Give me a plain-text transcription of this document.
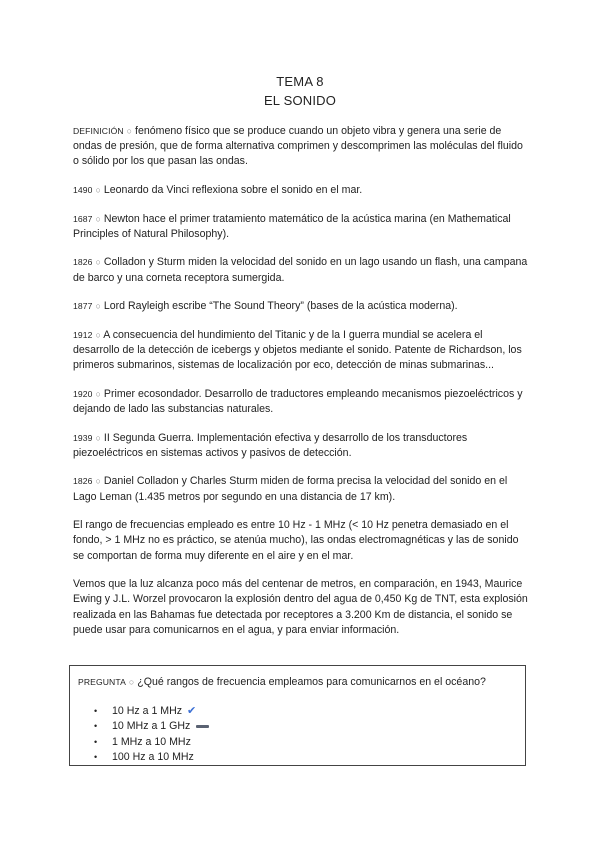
TEMA 8
EL SONIDO

DEFINICIÓN ○ fenómeno físico que se produce cuando un objeto vibra y genera una serie de ondas de presión, que de forma alternativa comprimen y descomprimen las moléculas del fluido o sólido por los que pasan las ondas.

1490 ○ Leonardo da Vinci reflexiona sobre el sonido en el mar.

1687 ○ Newton hace el primer tratamiento matemático de la acústica marina (en Mathematical Principles of Natural Philosophy).

1826 ○ Colladon y Sturm miden la velocidad del sonido en un lago usando un flash, una campana de barco y una corneta receptora sumergida.

1877 ○ Lord Rayleigh escribe “The Sound Theory” (bases de la acústica moderna).

1912 ○ A consecuencia del hundimiento del Titanic y de la I guerra mundial se acelera el desarrollo de la detección de icebergs y objetos mediante el sonido. Patente de Richardson, los primeros submarinos, sistemas de localización por eco, detección de minas submarinas...

1920 ○ Primer ecosondador. Desarrollo de traductores empleando mecanismos piezoeléctricos y dejando de lado las substancias naturales.

1939 ○ II Segunda Guerra. Implementación efectiva y desarrollo de los transductores piezoeléctricos en sistemas activos y pasivos de detección.

1826 ○ Daniel Colladon y Charles Sturm miden de forma precisa la velocidad del sonido en el Lago Leman (1.435 metros por segundo en una distancia de 17 km).

El rango de frecuencias empleado es entre 10 Hz - 1 MHz (< 10 Hz penetra demasiado en el fondo, > 1 MHz no es práctico, se atenúa mucho), las ondas electromagnéticas y las de sonido se comportan de forma muy diferente en el aire y en el mar.

Vemos que la luz alcanza poco más del centenar de metros, en comparación, en 1943, Maurice Ewing y J.L. Worzel provocaron la explosión dentro del agua de 0,450 Kg de TNT, esta explosión realizada en las Bahamas fue detectada por receptores a 3.200 Km de distancia, el sonido se puede usar para comunicarnos en el agua, y para enviar información.

PREGUNTA ○ ¿Qué rangos de frecuencia empleamos para comunicarnos en el océano?
• 10 Hz a 1 MHz ✔
• 10 MHz a 1 GHz
• 1 MHz a 10 MHz
• 100 Hz a 10 MHz
